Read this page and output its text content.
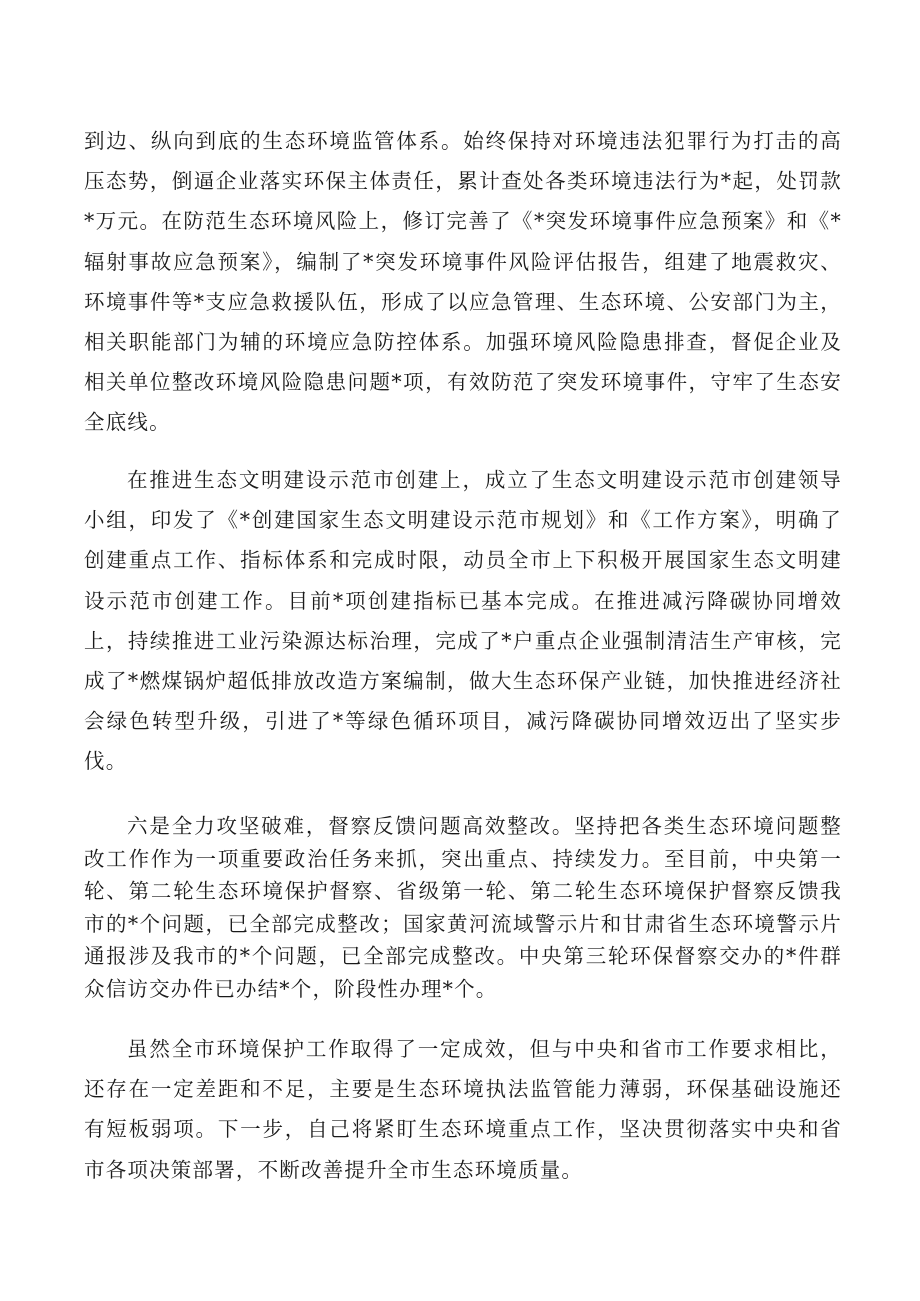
到边、纵向到底的生态环境监管体系。始终保持对环境违法犯罪行为打击的高压态势，倒逼企业落实环保主体责任，累计查处各类环境违法行为*起，处罚款*万元。在防范生态环境风险上，修订完善了《*突发环境事件应急预案》和《*辐射事故应急预案》，编制了*突发环境事件风险评估报告，组建了地震救灾、环境事件等*支应急救援队伍，形成了以应急管理、生态环境、公安部门为主，相关职能部门为辅的环境应急防控体系。加强环境风险隐患排查，督促企业及相关单位整改环境风险隐患问题*项，有效防范了突发环境事件，守牢了生态安全底线。

在推进生态文明建设示范市创建上，成立了生态文明建设示范市创建领导小组，印发了《*创建国家生态文明建设示范市规划》和《工作方案》，明确了创建重点工作、指标体系和完成时限，动员全市上下积极开展国家生态文明建设示范市创建工作。目前*项创建指标已基本完成。在推进减污降碳协同增效上，持续推进工业污染源达标治理，完成了*户重点企业强制清洁生产审核，完成了*燃煤锅炉超低排放改造方案编制，做大生态环保产业链，加快推进经济社会绿色转型升级，引进了*等绿色循环项目，减污降碳协同增效迈出了坚实步伐。

六是全力攻坚破难，督察反馈问题高效整改。坚持把各类生态环境问题整改工作作为一项重要政治任务来抓，突出重点、持续发力。至目前，中央第一轮、第二轮生态环境保护督察、省级第一轮、第二轮生态环境保护督察反馈我市的*个问题，已全部完成整改；国家黄河流域警示片和甘肃省生态环境警示片通报涉及我市的*个问题，已全部完成整改。中央第三轮环保督察交办的*件群众信访交办件已办结*个，阶段性办理*个。

虽然全市环境保护工作取得了一定成效，但与中央和省市工作要求相比，还存在一定差距和不足，主要是生态环境执法监管能力薄弱，环保基础设施还有短板弱项。下一步，自己将紧盯生态环境重点工作，坚决贯彻落实中央和省市各项决策部署，不断改善提升全市生态环境质量。
